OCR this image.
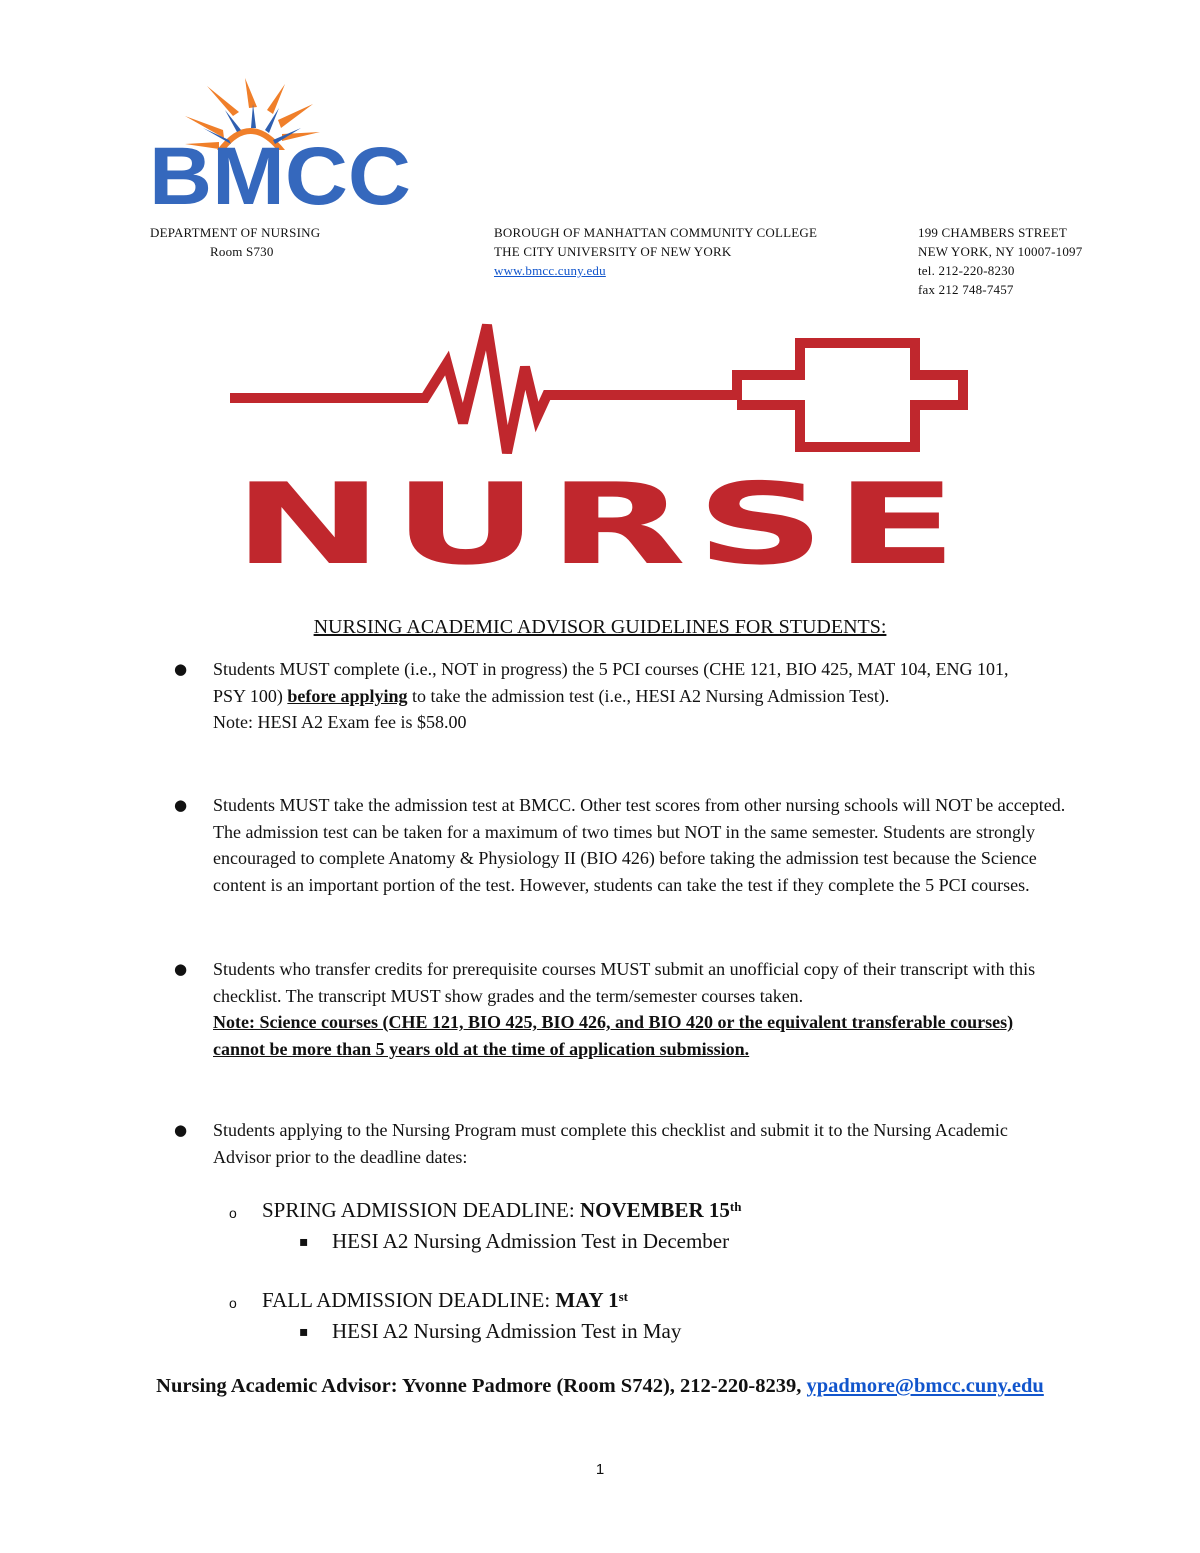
BMCC
DEPARTMENT OF NURSING
Room S730
BOROUGH OF MANHATTAN COMMUNITY COLLEGE
THE CITY UNIVERSITY OF NEW YORK
www.bmcc.cuny.edu
199 CHAMBERS STREET
NEW YORK, NY 10007-1097
tel. 212-220-8230
fax 212 748-7457
NURSE
NURSING ACADEMIC ADVISOR GUIDELINES FOR STUDENTS:
● Students MUST complete (i.e., NOT in progress) the 5 PCI courses (CHE 121, BIO 425, MAT 104, ENG 101, PSY 100) before applying to take the admission test (i.e., HESI A2 Nursing Admission Test).

Note: HESI A2 Exam fee is $58.00

● Students MUST take the admission test at BMCC. Other test scores from other nursing schools will NOT be accepted. The admission test can be taken for a maximum of two times but NOT in the same semester. Students are strongly encouraged to complete Anatomy & Physiology II (BIO 426) before taking the admission test because the Science content is an important portion of the test. However, students can take the test if they complete the 5 PCI courses.

● Students who transfer credits for prerequisite courses MUST submit an unofficial copy of their transcript with this checklist. The transcript MUST show grades and the term/semester courses taken.

Note: Science courses (CHE 121, BIO 425, BIO 426, and BIO 420 or the equivalent transferable courses) cannot be more than 5 years old at the time of application submission.

● Students applying to the Nursing Program must complete this checklist and submit it to the Nursing Academic Advisor prior to the deadline dates:

o SPRING ADMISSION DEADLINE: NOVEMBER 15th
▪ HESI A2 Nursing Admission Test in December
o FALL ADMISSION DEADLINE: MAY 1st
▪ HESI A2 Nursing Admission Test in May
Nursing Academic Advisor: Yvonne Padmore (Room S742), 212-220-8239, ypadmore@bmcc.cuny.edu
1
